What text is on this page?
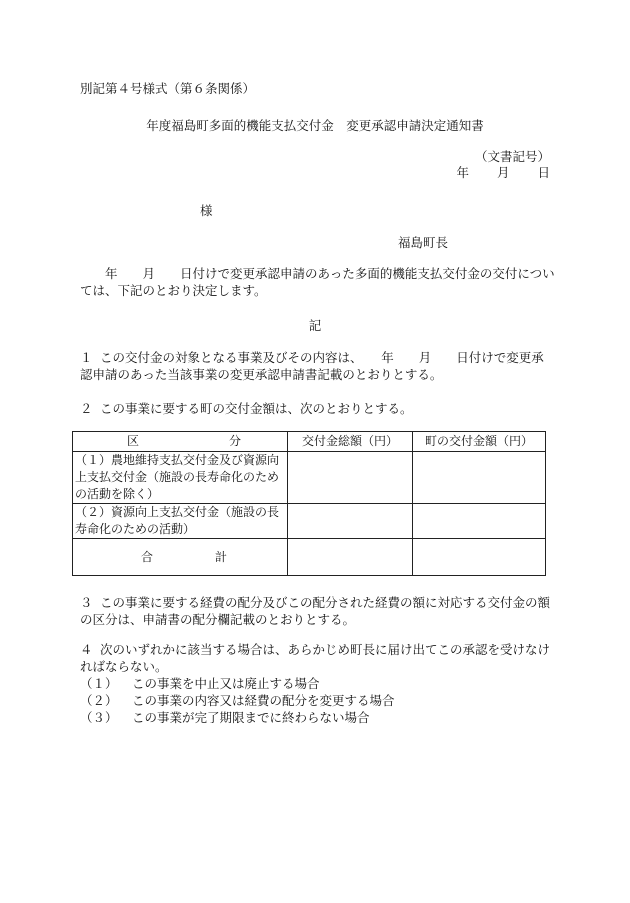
別記第４号様式（第６条関係）
年度福島町多面的機能支払交付金　変更承認申請決定通知書
（文書記号）
年 月 日
様
福島町長
　　年　　月　　日付けで変更承認申請のあった多面的機能支払交付金の交付については、下記のとおり決定します。
記
１ この交付金の対象となる事業及びその内容は、　　年　　月　　日付けで変更承認申請のあった当該事業の変更承認申請書記載のとおりとする。
２ この事業に要する町の交付金額は、次のとおりとする。
区 分	交付金総額（円）	町の交付金額（円）
（１）農地維持支払交付金及び資源向上支払交付金（施設の長寿命化のための活動を除く）		
（２）資源向上支払交付金（施設の長寿命化のための活動）		

合 計		

３ この事業に要する経費の配分及びこの配分された経費の額に対応する交付金の額の区分は、申請書の配分欄記載のとおりとする。
４ 次のいずれかに該当する場合は、あらかじめ町長に届け出てこの承認を受けなければならない。
（１） この事業を中止又は廃止する場合
（２） この事業の内容又は経費の配分を変更する場合
（３） この事業が完了期限までに終わらない場合
